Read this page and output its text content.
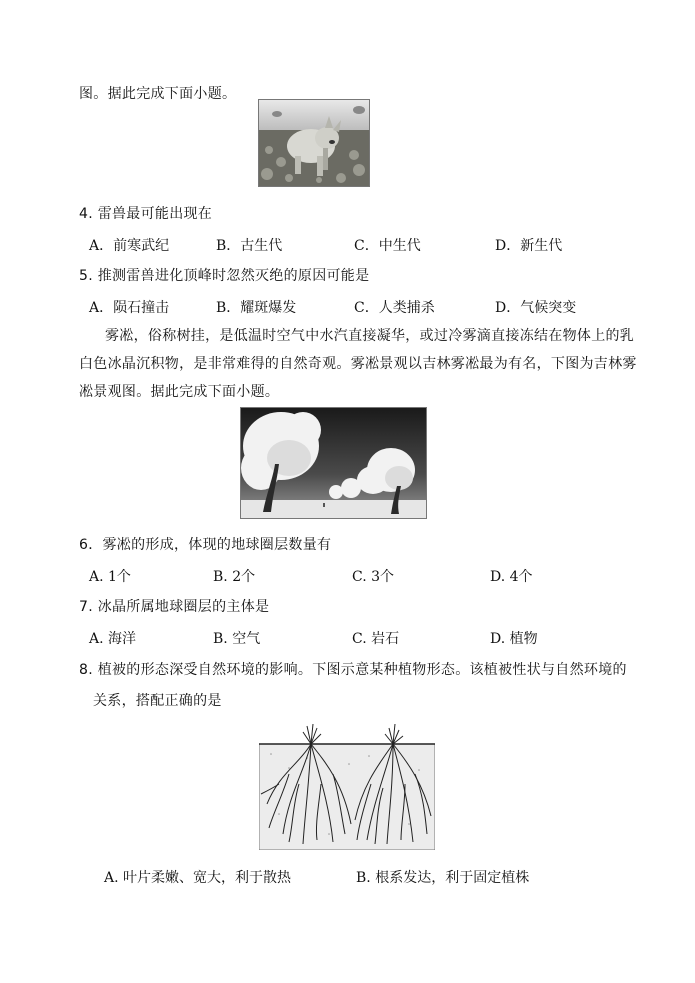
图。据此完成下面小题。
4. 雷兽最可能出现在
A．前寒武纪	B．古生代	C．中生代	D．新生代
5. 推测雷兽进化顶峰时忽然灭绝的原因可能是
A．陨石撞击	B．耀斑爆发	C．人类捕杀	D．气候突变
雾凇，俗称树挂，是低温时空气中水汽直接凝华，或过冷雾滴直接冻结在物体上的乳
白色冰晶沉积物，是非常难得的自然奇观。雾凇景观以吉林雾凇最为有名，下图为吉林雾
凇景观图。据此完成下面小题。
6．雾凇的形成，体现的地球圈层数量有
A. 1个	B. 2个	C. 3个	D. 4个
7. 冰晶所属地球圈层的主体是
A. 海洋	B. 空气	C. 岩石	D. 植物
8. 植被的形态深受自然环境的影响。下图示意某种植物形态。该植被性状与自然环境的
关系，搭配正确的是
A. 叶片柔嫩、宽大，利于散热	B. 根系发达，利于固定植株
